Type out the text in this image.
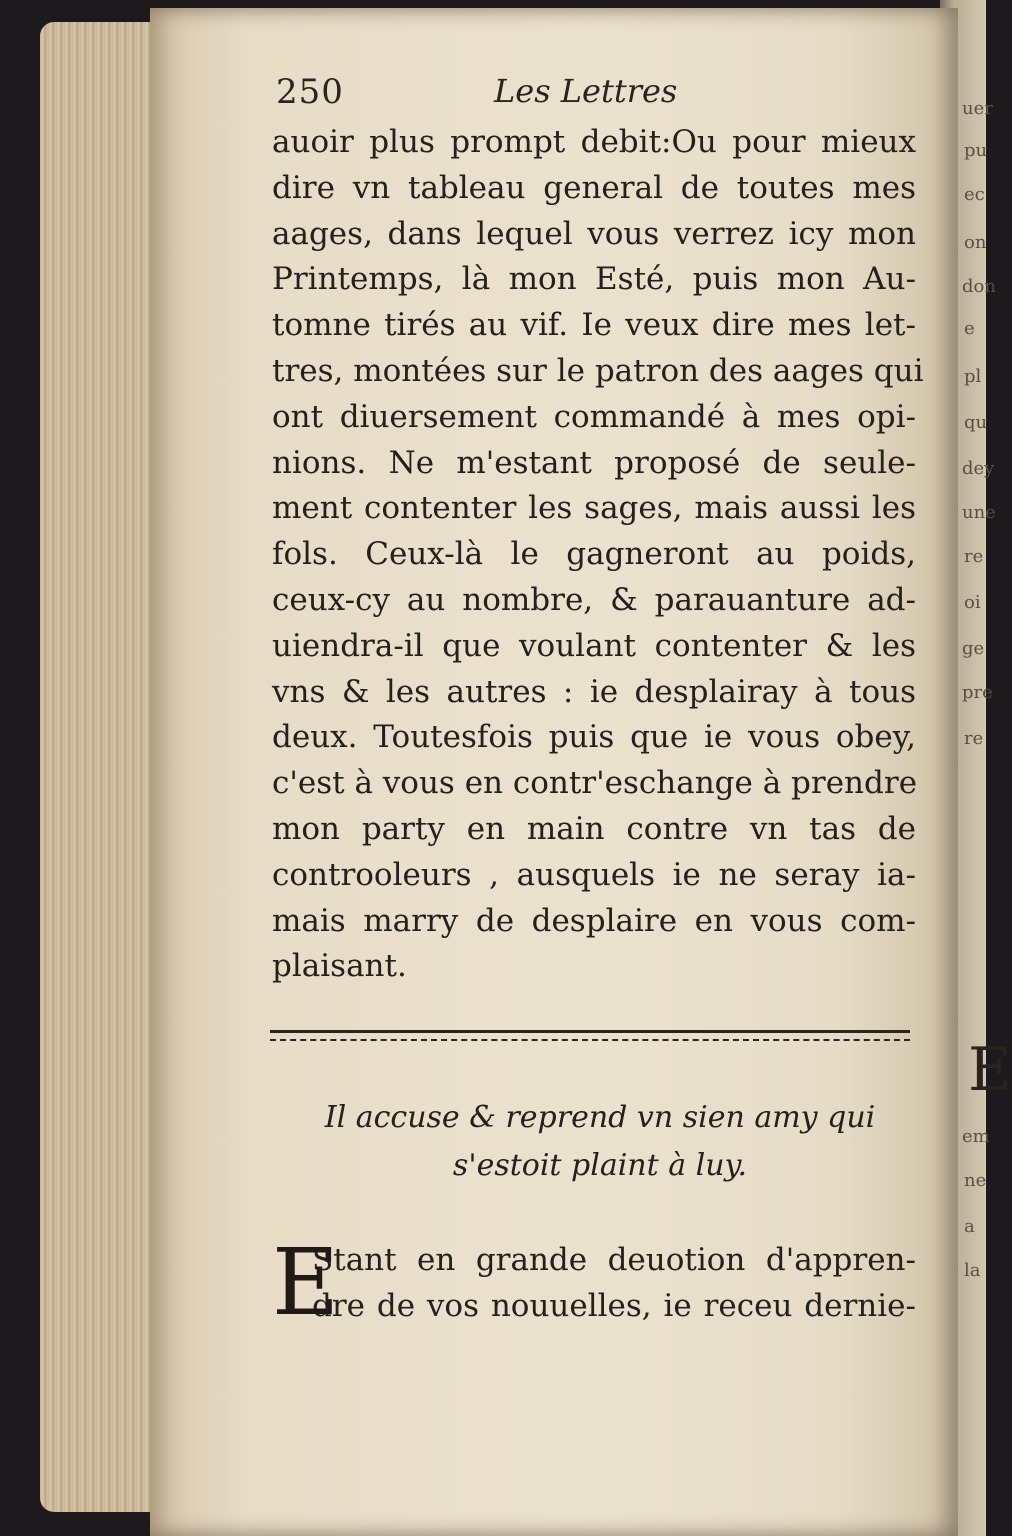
uer
pu
ec
on
don
e
pl
qu
dey
une
re
oi
ge
pre
re
E
em
ne
a
la
250	Les Lettres
auoir plus prompt debit:Ou pour mieux
dire vn tableau general de toutes mes
aages, dans lequel vous verrez icy mon
Printemps, là mon Esté, puis mon Au-
tomne tirés au vif. Ie veux dire mes let-
tres, montées sur le patron des aages qui
ont diuersement commandé à mes opi-
nions. Ne m'estant proposé de seule-
ment contenter les sages, mais aussi les
fols. Ceux-là le gagneront au poids,
ceux-cy au nombre, & parauanture ad-
uiendra-il que voulant contenter & les
vns & les autres : ie desplairay à tous
deux. Toutesfois puis que ie vous obey,
c'est à vous en contr'eschange à prendre
mon party en main contre vn tas de
controoleurs , ausquels ie ne seray ia-
mais marry de desplaire en vous com-
plaisant.
Il accuse & reprend vn sien amy qui
s'estoit plaint à luy.
E
Stant en grande deuotion d'appren-
dre de vos nouuelles, ie receu dernie-
